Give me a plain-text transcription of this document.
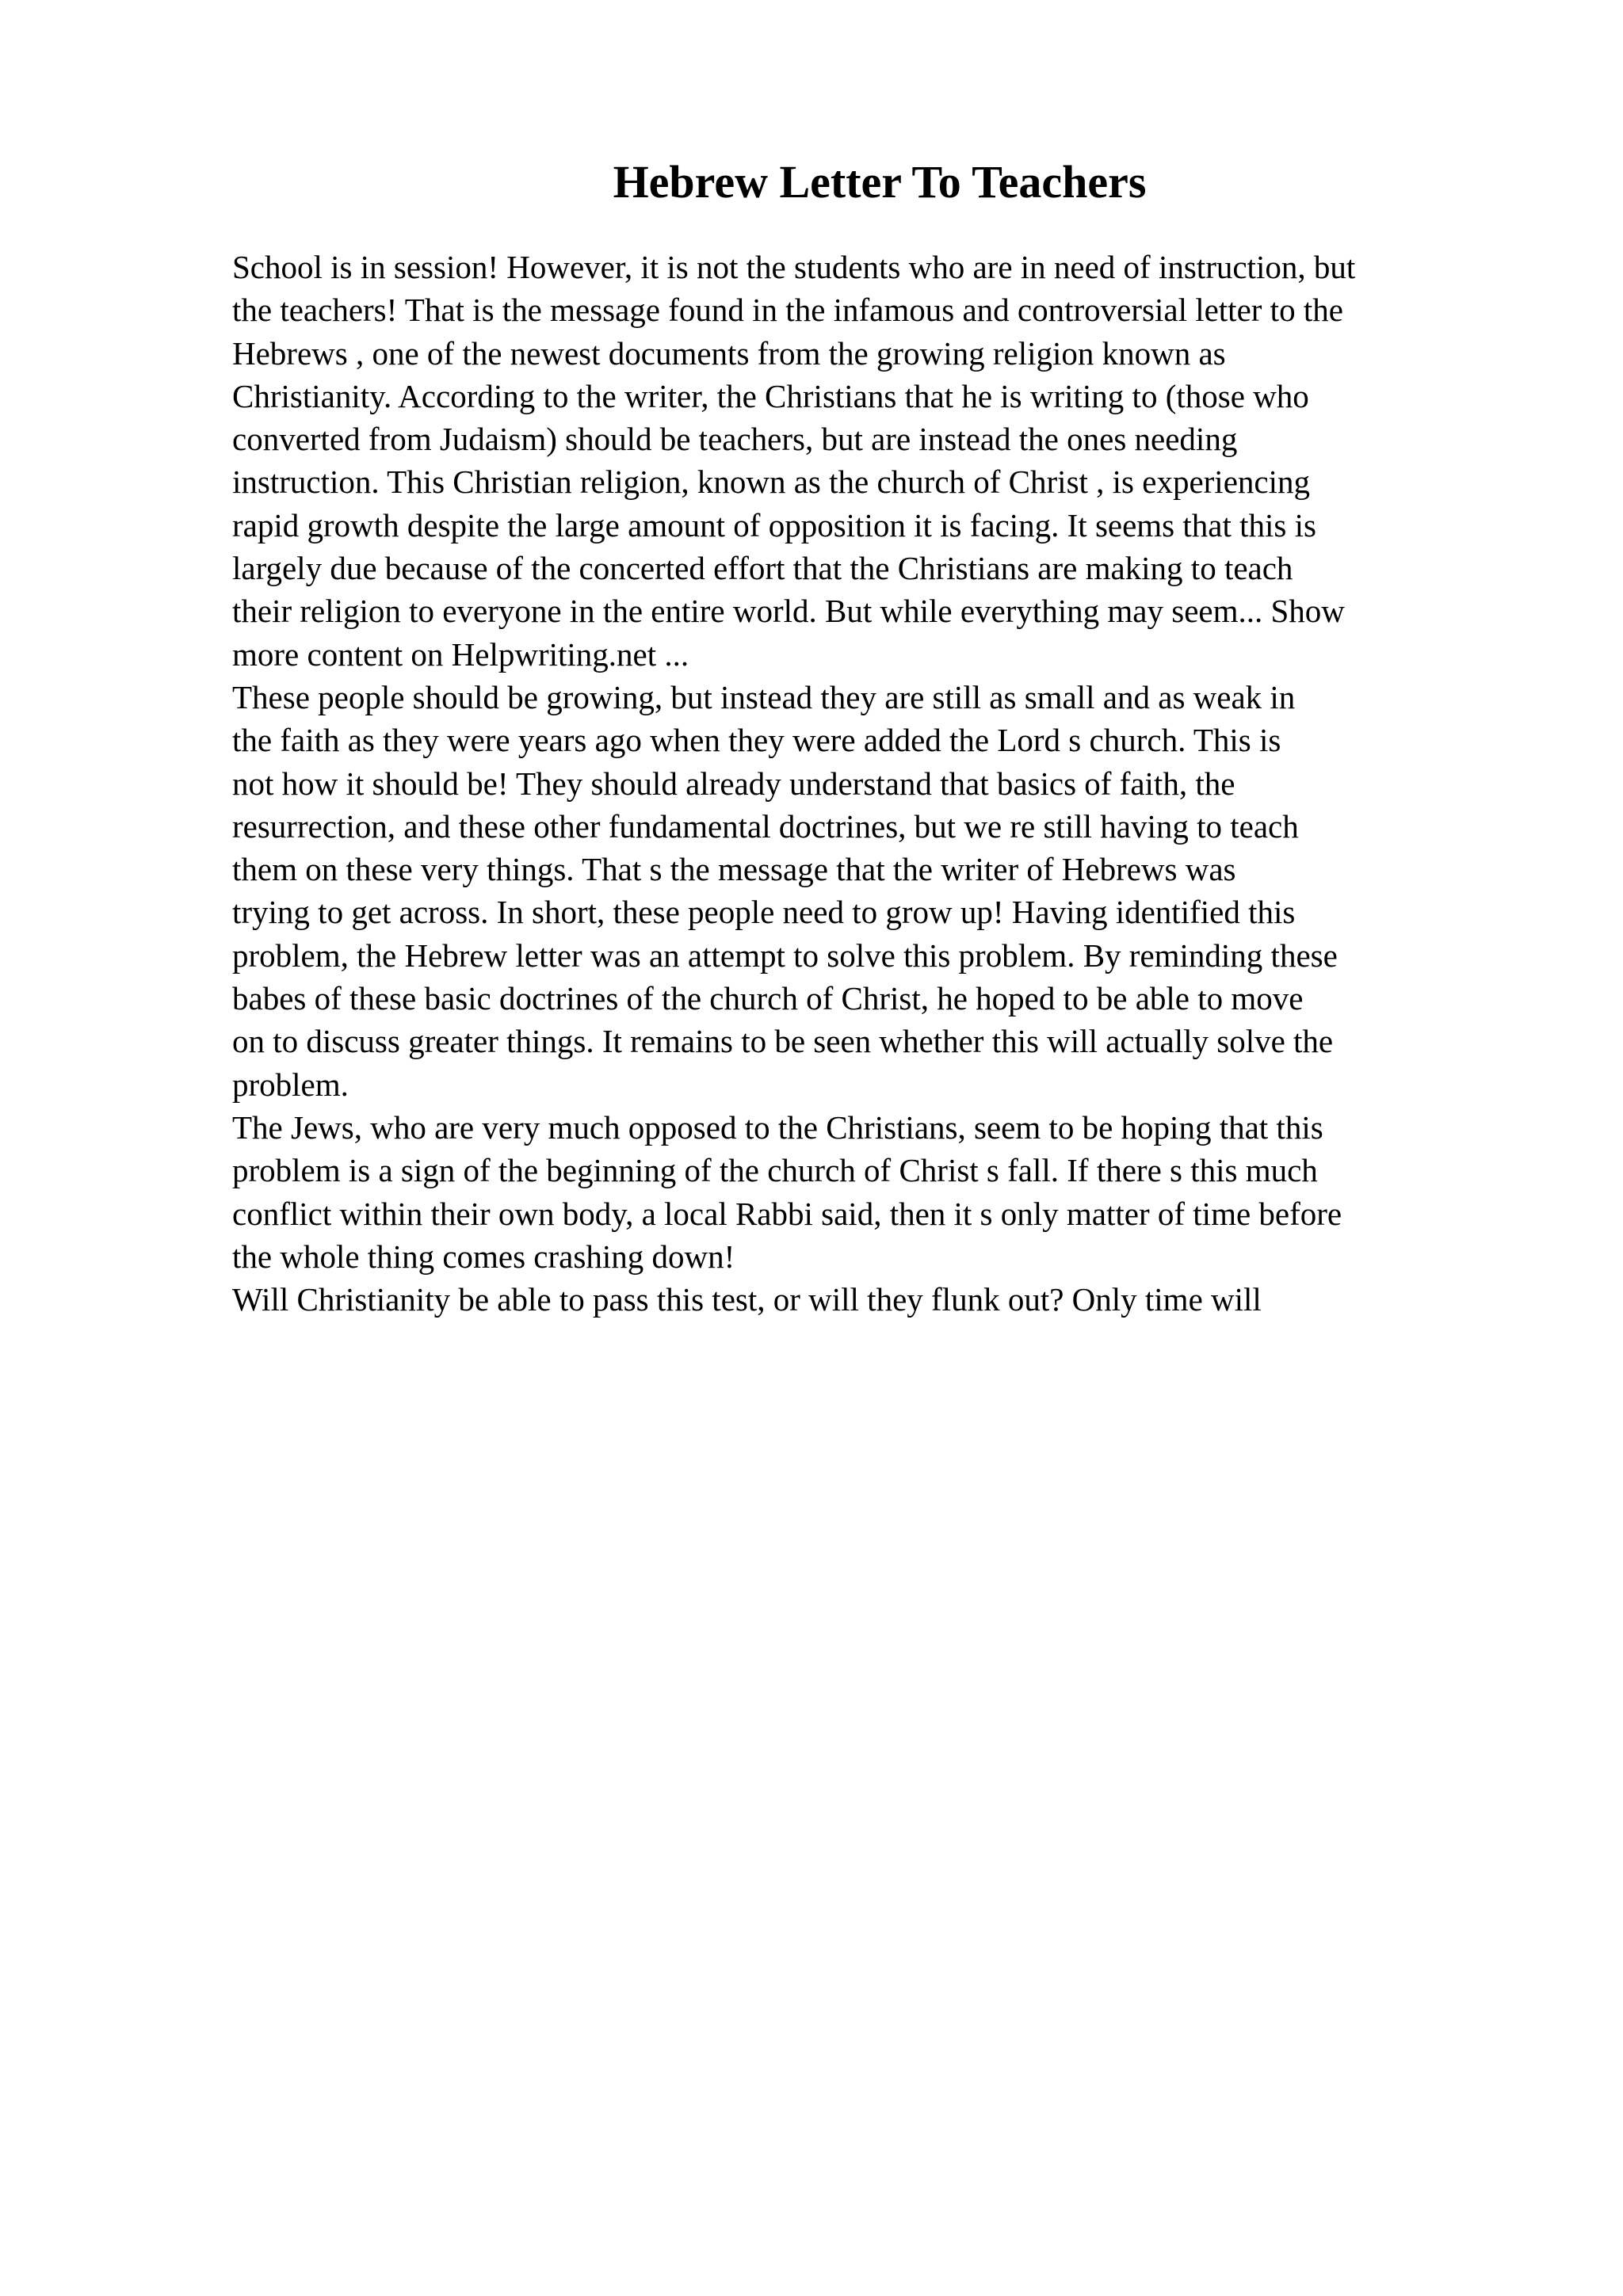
Hebrew Letter To Teachers
School is in session! However, it is not the students who are in need of instruction, but
the teachers! That is the message found in the infamous and controversial letter to the
Hebrews , one of the newest documents from the growing religion known as
Christianity. According to the writer, the Christians that he is writing to (those who
converted from Judaism) should be teachers, but are instead the ones needing
instruction. This Christian religion, known as the church of Christ , is experiencing
rapid growth despite the large amount of opposition it is facing. It seems that this is
largely due because of the concerted effort that the Christians are making to teach
their religion to everyone in the entire world. But while everything may seem... Show
more content on Helpwriting.net ...
These people should be growing, but instead they are still as small and as weak in
the faith as they were years ago when they were added the Lord s church. This is
not how it should be! They should already understand that basics of faith, the
resurrection, and these other fundamental doctrines, but we re still having to teach
them on these very things. That s the message that the writer of Hebrews was
trying to get across. In short, these people need to grow up! Having identified this
problem, the Hebrew letter was an attempt to solve this problem. By reminding these
babes of these basic doctrines of the church of Christ, he hoped to be able to move
on to discuss greater things. It remains to be seen whether this will actually solve the
problem.
The Jews, who are very much opposed to the Christians, seem to be hoping that this
problem is a sign of the beginning of the church of Christ s fall. If there s this much
conflict within their own body, a local Rabbi said, then it s only matter of time before
the whole thing comes crashing down!
Will Christianity be able to pass this test, or will they flunk out? Only time will
